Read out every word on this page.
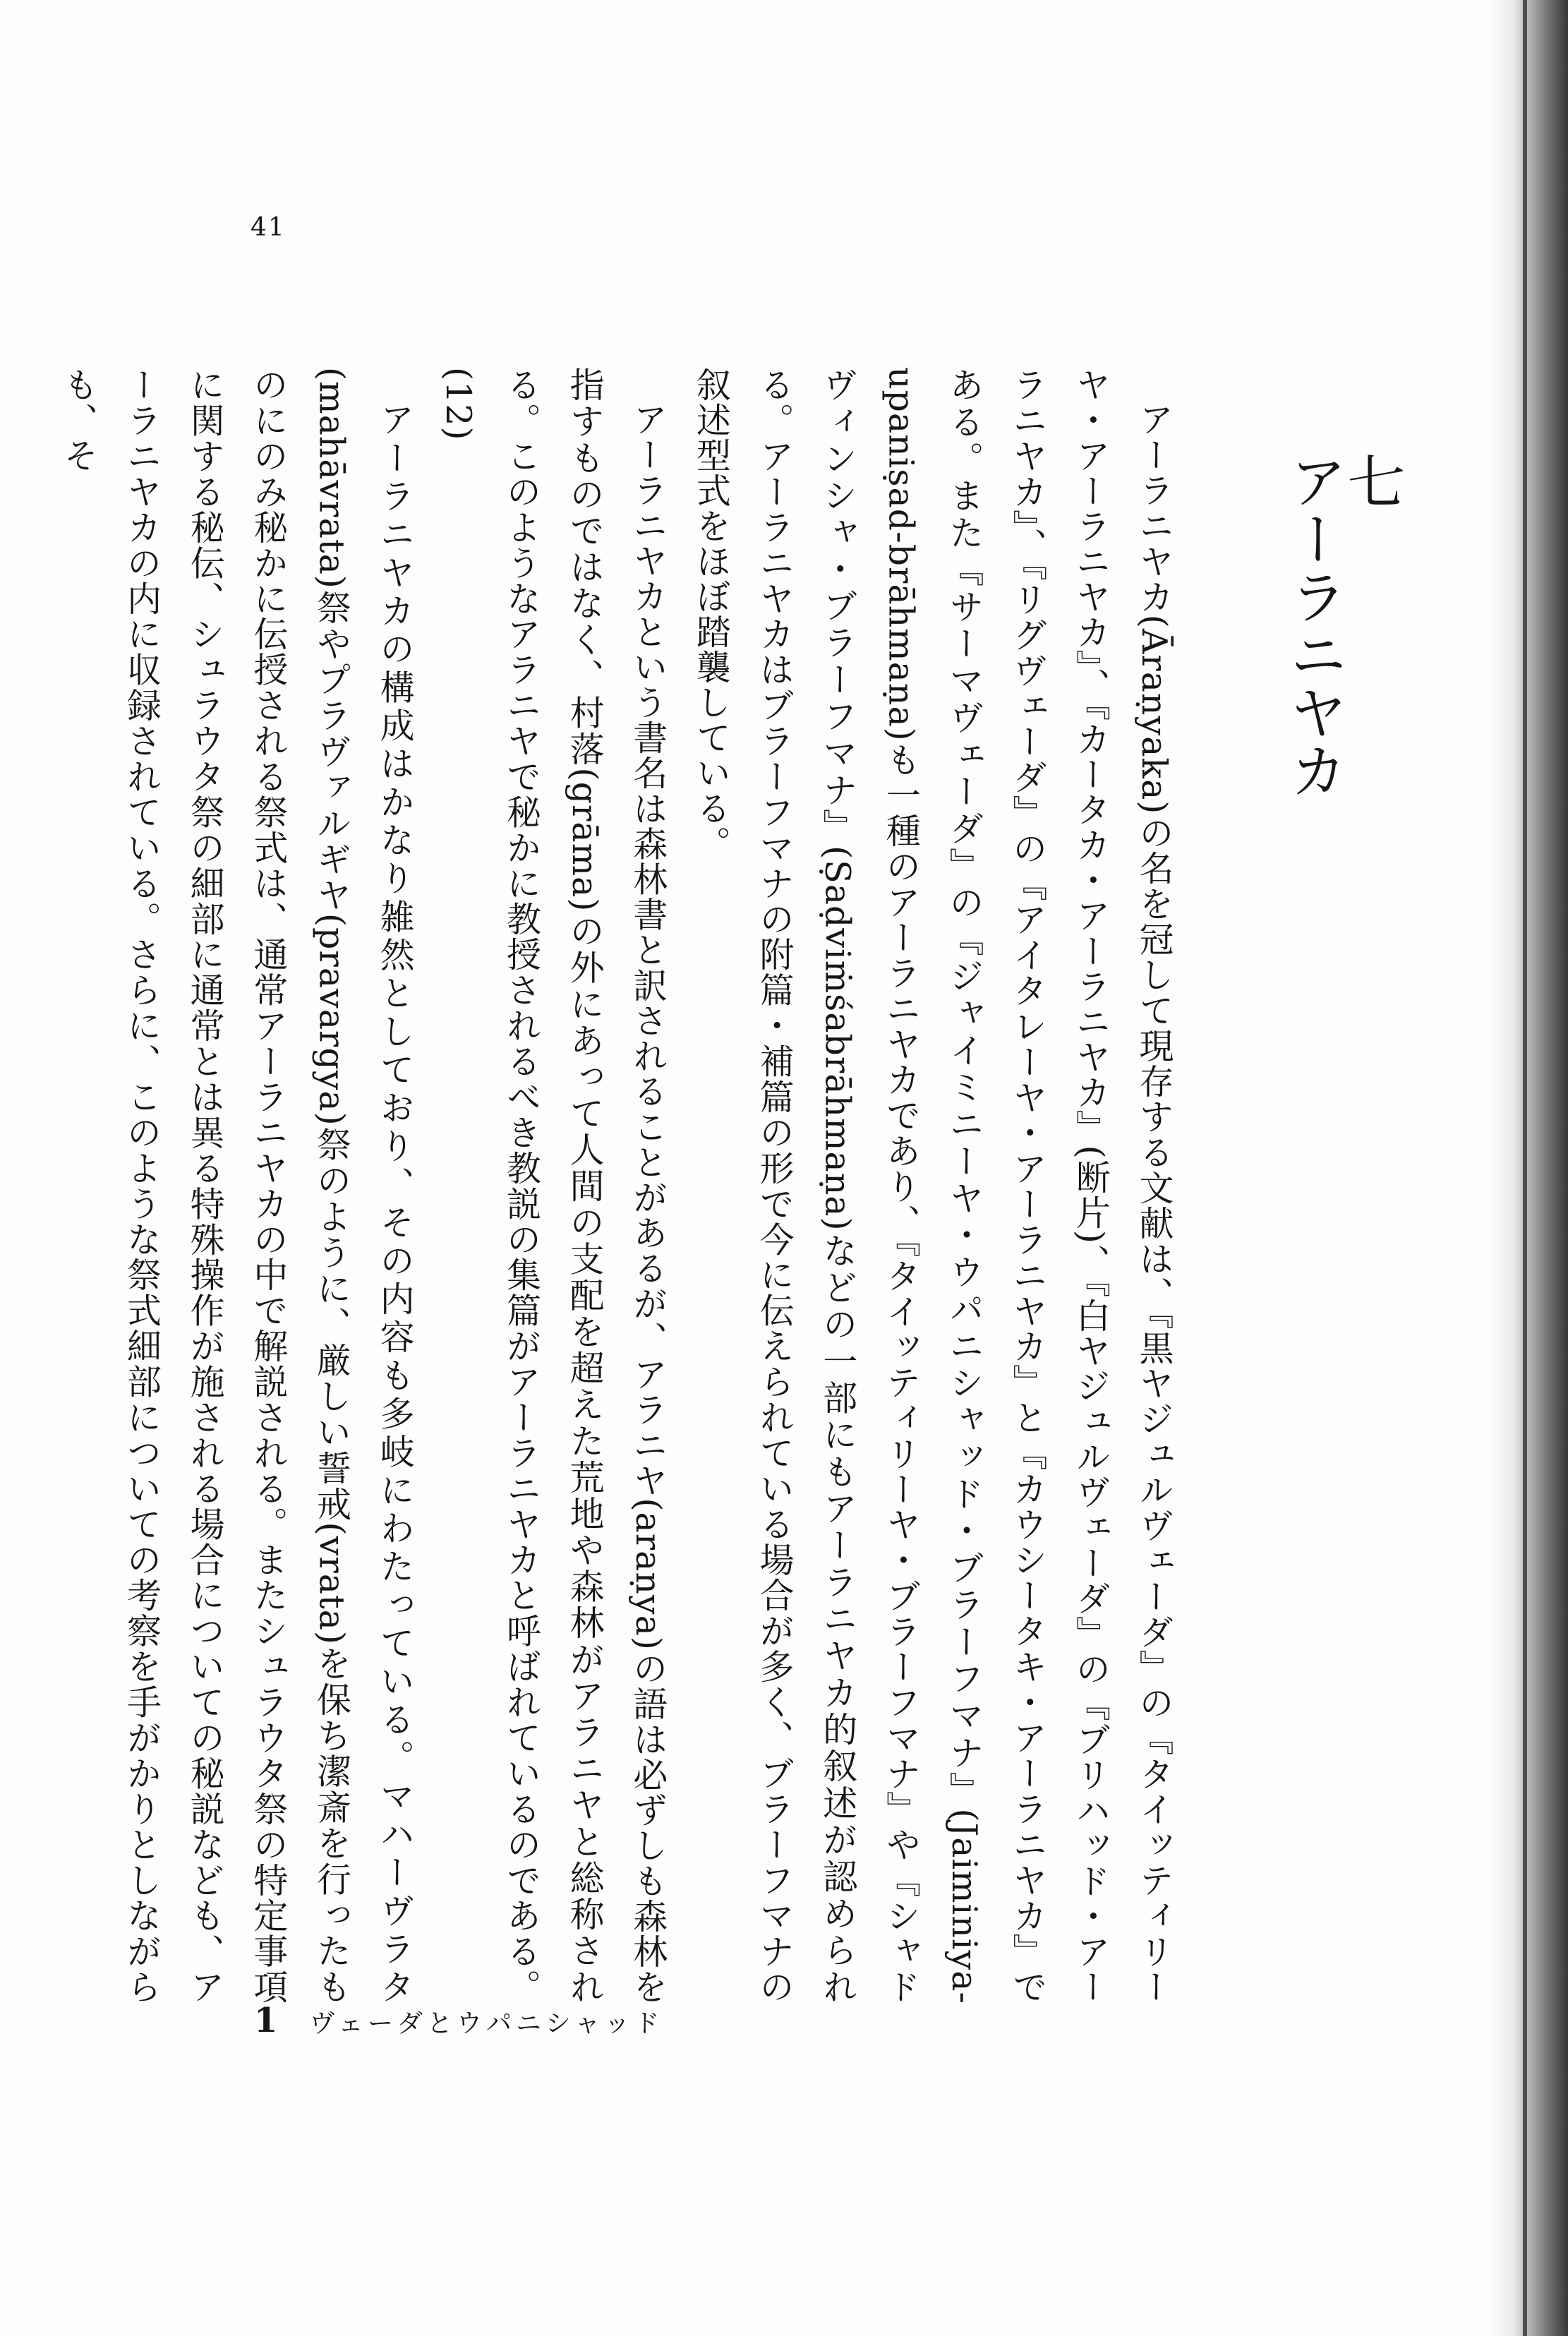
41
七
アーラニヤカ

アーラニヤカ(Āraṇyaka)の名を冠して現存する文献は、『黒ヤジュルヴェーダ』の『タイッティリーヤ・アーラニヤカ』、『カータカ・アーラニヤカ』(断片)、『白ヤジュルヴェーダ』の『ブリハッド・アーラニヤカ』、『リグヴェーダ』の『アイタレーヤ・アーラニヤカ』と『カウシータキ・アーラニヤカ』である。また『サーマヴェーダ』の『ジャイミニーヤ・ウパニシャッド・ブラーフマナ』(Jaiminiya-upaniṣad-brāhmaṇa)も一種のアーラニヤカであり、『タイッティリーヤ・ブラーフマナ』や『シャドヴィンシャ・ブラーフマナ』(Ṣaḍviṁśabrāhmaṇa)などの一部にもアーラニヤカ的叙述が認められる。アーラニヤカはブラーフマナの附篇・補篇の形で今に伝えられている場合が多く、ブラーフマナの叙述型式をほぼ踏襲している。

アーラニヤカという書名は森林書と訳されることがあるが、アラニヤ(araṇya)の語は必ずしも森林を指すものではなく、村落(grāma)の外にあって人間の支配を超えた荒地や森林がアラニヤと総称される。このようなアラニヤで秘かに教授されるべき教説の集篇がアーラニヤカと呼ばれているのである。(12)

アーラニヤカの構成はかなり雑然としており、その内容も多岐にわたっている。マハーヴラタ(mahāvrata)祭やプラヴァルギヤ(pravargya)祭のように、厳しい誓戒(vrata)を保ち潔斎を行ったものにのみ秘かに伝授される祭式は、通常アーラニヤカの中で解説される。またシュラウタ祭の特定事項に関する秘伝、シュラウタ祭の細部に通常とは異る特殊操作が施される場合についての秘説なども、アーラニヤカの内に収録されている。さらに、このような祭式細部についての考察を手がかりとしながらも、そ

1 ヴェーダとウパニシャッド
